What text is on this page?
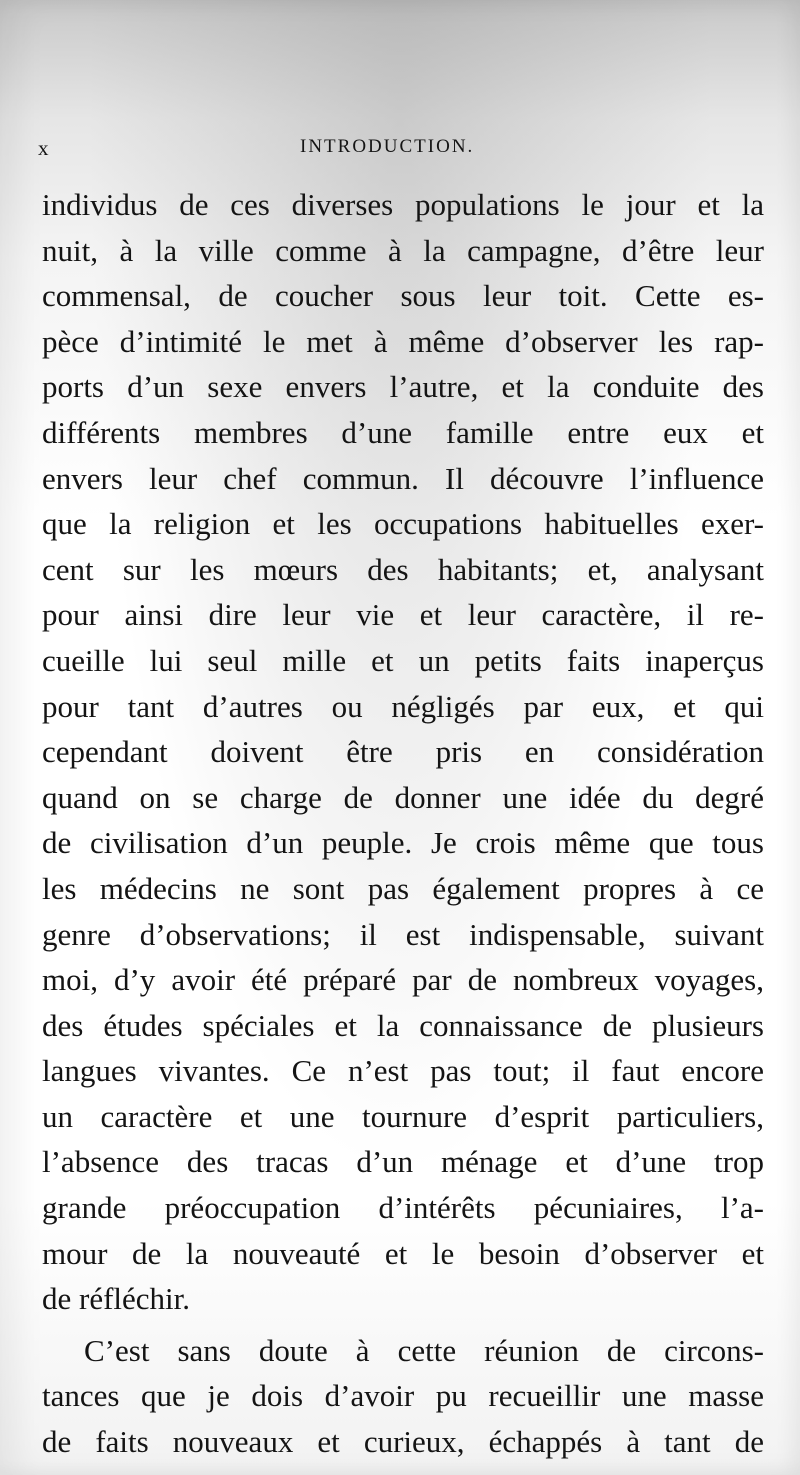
x	INTRODUCTION.
individus de ces diverses populations le jour et la
nuit, à la ville comme à la campagne, d’être leur
commensal, de coucher sous leur toit. Cette es-
pèce d’intimité le met à même d’observer les rap-
ports d’un sexe envers l’autre, et la conduite des
différents membres d’une famille entre eux et
envers leur chef commun. Il découvre l’influence
que la religion et les occupations habituelles exer-
cent sur les mœurs des habitants; et, analysant
pour ainsi dire leur vie et leur caractère, il re-
cueille lui seul mille et un petits faits inaperçus
pour tant d’autres ou négligés par eux, et qui
cependant doivent être pris en considération
quand on se charge de donner une idée du degré
de civilisation d’un peuple. Je crois même que tous
les médecins ne sont pas également propres à ce
genre d’observations; il est indispensable, suivant
moi, d’y avoir été préparé par de nombreux voyages,
des études spéciales et la connaissance de plusieurs
langues vivantes. Ce n’est pas tout; il faut encore
un caractère et une tournure d’esprit particuliers,
l’absence des tracas d’un ménage et d’une trop
grande préoccupation d’intérêts pécuniaires, l’a-
mour de la nouveauté et le besoin d’observer et
de réfléchir.
C’est sans doute à cette réunion de circons-
tances que je dois d’avoir pu recueillir une masse
de faits nouveaux et curieux, échappés à tant de
